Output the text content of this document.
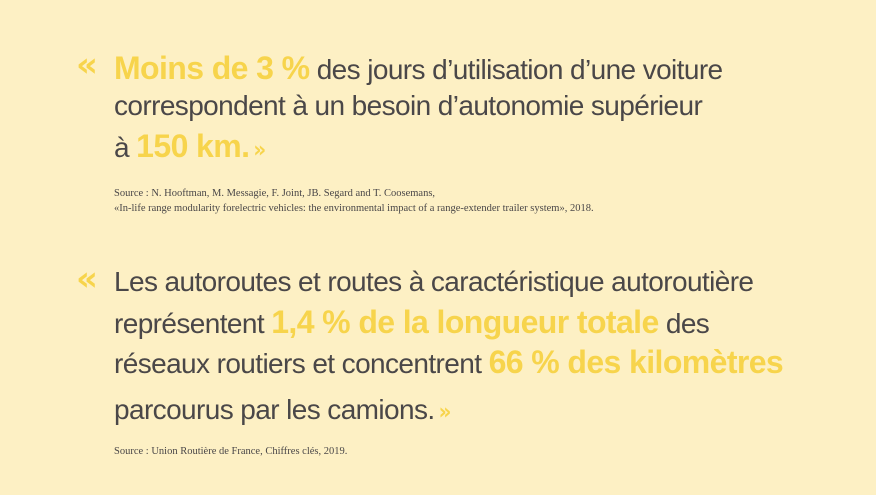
« Moins de 3 % des jours d’utilisation d’une voiture
correspondent à un besoin d’autonomie supérieur
à 150 km. »
Source : N. Hooftman, M. Messagie, F. Joint, JB. Segard and T. Coosemans,
«In-life range modularity forelectric vehicles: the environmental impact of a range-extender trailer system», 2018.
« Les autoroutes et routes à caractéristique autoroutière
représentent 1,4 % de la longueur totale des
réseaux routiers et concentrent 66 % des kilomètres
parcourus par les camions. »
Source : Union Routière de France, Chiffres clés, 2019.
